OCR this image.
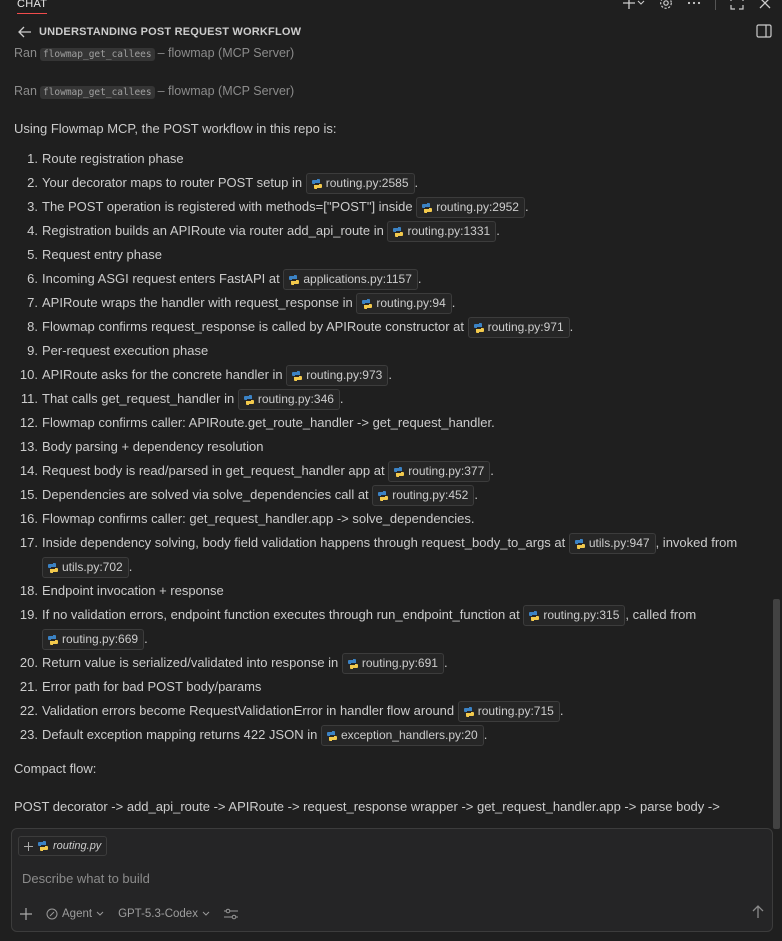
CHAT
UNDERSTANDING POST REQUEST WORKFLOW
Ran flowmap_get_callees – flowmap (MCP Server)
Ran flowmap_get_callees – flowmap (MCP Server)
Using Flowmap MCP, the POST workflow in this repo is:
1. Route registration phase
2. Your decorator maps to router POST setup in routing.py:2585 .
3. The POST operation is registered with methods=["POST"] inside routing.py:2952 .
4. Registration builds an APIRoute via router add_api_route in routing.py:1331 .
5. Request entry phase
6. Incoming ASGI request enters FastAPI at applications.py:1157 .
7. APIRoute wraps the handler with request_response in routing.py:94 .
8. Flowmap confirms request_response is called by APIRoute constructor at routing.py:971 .
9. Per-request execution phase
10. APIRoute asks for the concrete handler in routing.py:973 .
11. That calls get_request_handler in routing.py:346 .
12. Flowmap confirms caller: APIRoute.get_route_handler -> get_request_handler.
13. Body parsing + dependency resolution
14. Request body is read/parsed in get_request_handler app at routing.py:377 .
15. Dependencies are solved via solve_dependencies call at routing.py:452 .
16. Flowmap confirms caller: get_request_handler.app -> solve_dependencies.
17. Inside dependency solving, body field validation happens through request_body_to_args at utils.py:947 , invoked from
utils.py:702 .
18. Endpoint invocation + response
19. If no validation errors, endpoint function executes through run_endpoint_function at routing.py:315 , called from
routing.py:669 .
20. Return value is serialized/validated into response in routing.py:691 .
21. Error path for bad POST body/params
22. Validation errors become RequestValidationError in handler flow around routing.py:715 .
23. Default exception mapping returns 422 JSON in exception_handlers.py:20 .
Compact flow:
POST decorator -> add_api_route -> APIRoute -> request_response wrapper -> get_request_handler.app -> parse body ->
routing.py
Describe what to build
Agent GPT-5.3-Codex
